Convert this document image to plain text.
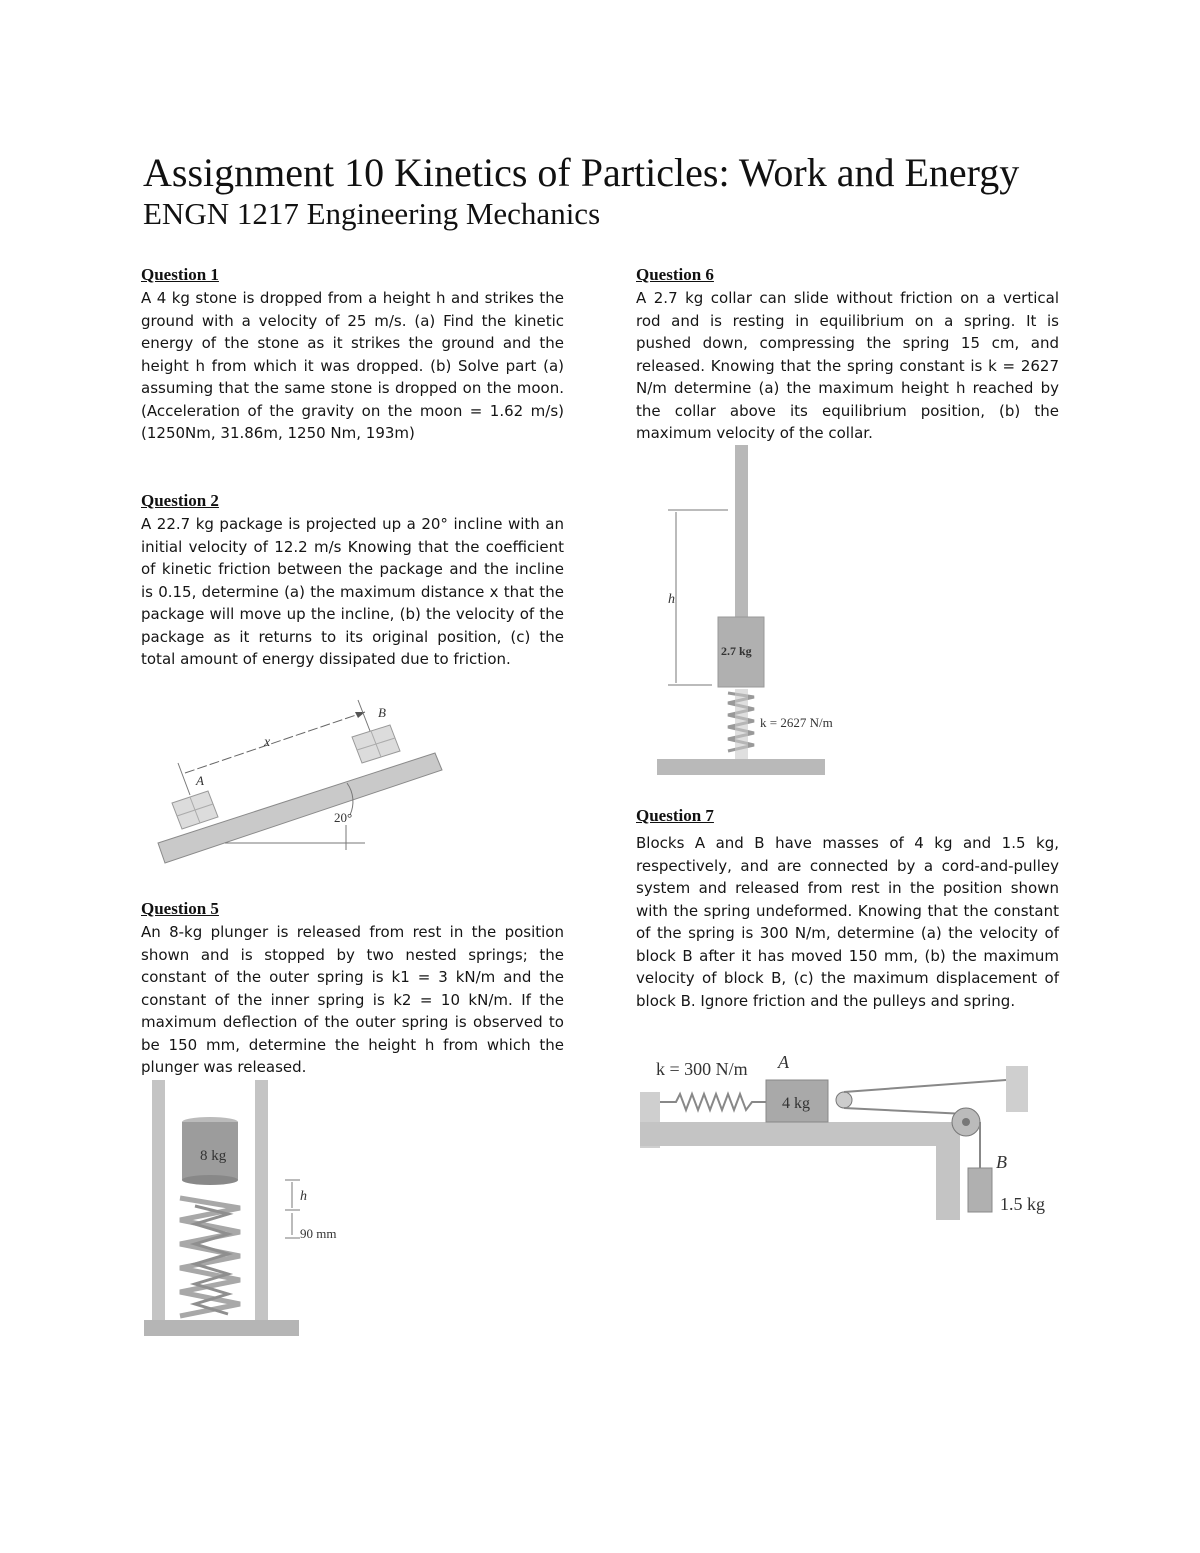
Assignment 10 Kinetics of Particles: Work and Energy
ENGN 1217 Engineering Mechanics
Question 1
A 4 kg stone is dropped from a height h and strikes the ground with a velocity of 25 m/s. (a) Find the kinetic energy of the stone as it strikes the ground and the height h from which it was dropped. (b) Solve part (a) assuming that the same stone is dropped on the moon. (Acceleration of the gravity on the moon = 1.62 m/s) (1250Nm, 31.86m, 1250 Nm, 193m)
Question 2
A 22.7 kg package is projected up a 20° incline with an initial velocity of 12.2 m/s Knowing that the coefficient of kinetic friction between the package and the incline is 0.15, determine (a) the maximum distance x that the package will move up the incline, (b) the velocity of the package as it returns to its original position, (c) the total amount of energy dissipated due to friction.
20°
x
A
B
Question 5
An 8-kg plunger is released from rest in the position shown and is stopped by two nested springs; the constant of the outer spring is k1 = 3 kN/m and the constant of the inner spring is k2 = 10 kN/m. If the maximum deflection of the outer spring is observed to be 150 mm, determine the height h from which the plunger was released.
8 kg
h
90 mm
Question 6
A 2.7 kg collar can slide without friction on a vertical rod and is resting in equilibrium on a spring. It is pushed down, compressing the spring 15 cm, and released. Knowing that the spring constant is k = 2627 N/m determine (a) the maximum height h reached by the collar above its equilibrium position, (b) the maximum velocity of the collar.
h
2.7 kg
k = 2627 N/m
Question 7
Blocks A and B have masses of 4 kg and 1.5 kg, respectively, and are connected by a cord-and-pulley system and released from rest in the position shown with the spring undeformed. Knowing that the constant of the spring is 300 N/m, determine (a) the velocity of block B after it has moved 150 mm, (b) the maximum velocity of block B, (c) the maximum displacement of block B. Ignore friction and the pulleys and spring.
k = 300 N/m
4 kg
A
B
1.5 kg
